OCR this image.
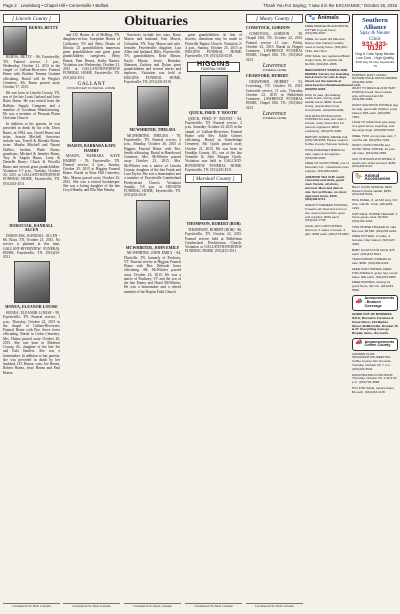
Page 2 Lewisburg • Chapel Hill • Cornersville • Belfast	Thank You For Saying, "I saw it in the EXCHANGE," October 26, 2015
Obituaries
[ Lincoln County ]

BURNS, BETTY

BURNS, BETTY - 86, Fayetteville, TN, Funeral service, 1 p.m., Wednesday, October 21, 2015 in the chapel of Gallant-Riverview Funeral Home with Brother Tommy Graham officiating. Burial will be Wright's Cemetery. Mr. Burns passed away October 17, 2015.

He was born in Lincoln County, TN, son of the late Louis Garland and Josie Bates Burns. He was retired from the Ballistic Supply Company and a member of Goodman Manufacturing. He was a member of Pleasant Plains Christian Church.

In addition to his parents, he was preceded in death by his wife, Doris Burns, in 1984, son, Gerald Burns and sister, Juanita Mitchell. Survivors include son, Terrell & Rhonda Burns; sister, Martha Mitchell and Naomi DuPuis; brother, Wade Burns; grandsons, Michael & Jennifer Burns, Troy & Angela Burns, Larry & Danielle Burns; Chuck & Priscilla Burns and several great grandchildren. Visitation 3-7 p.m., Tuesday, October 20, 2015 at GALLANT-RIVERVIEW FUNERAL HOME, Fayetteville, TN. (931)433-4511.

DOROCIAK, RANDALL ALLEN

DOROCIAK, RANDALL ALLEN - 66, Elora, TN, October 21, 2015. No service is planned at this time. GALLANT-RIVERVIEW FUNERAL HOME, Fayetteville, TN. (931)433-4511.

HONEA, ELEANOR LOUISE

HONEA, ELEANOR LOUISE - 99, Fayetteville, TN. Funeral service, 1 p.m., Thursday, October 22, 2015 in the chapel of Gallant-Riverview Funeral Home with Bro. Steve Jones officiating. Burial in Cedar Cemetery. Mrs. Honea passed away October 20, 2015. She was born in Madison County, AL, daughter of the late Joe and Eula Sanders. She was a homemaker. In addition to her parents, she was preceded in death by her husband, J.D. Honea; sons, Joe Honea, Robert Honea, Jesse Honea and Paul Honea.

Continued On Next Column

and J.D. Honea, Jr. of McBurg, TN, daughters-in-law, Josephine Honea of Coldwater, TN and Betty Honea of Illinois; 23 grandchildren, numerous great grandchildren and great great grandchildren; caregivers, Betty Honea, Pam Honea, Kathy Barnes. Visitation was Wednesday, October 21, 2015 at GALLANT-RIVERVIEW FUNERAL HOME, Fayetteville, TN. (931)433-4511.

GALLANT
RIVERVIEW FUNERAL HOME

MASON, BARBARA KAYE HAMBY

MASON, BARBARA KAYE HAMBY - 76, Fayetteville, TN. Funeral service, 2 p.m., Sunday, October 25, 2015 at Higgins Funeral Home. Burial in Rose Hill Cemetery. Mrs. Mason passed away October 23, 2015. She was a retired bookkeeper. She was a loving daughter of the late Lloyd Hamby and Ella Mae Hamby.

Continued On Next Column

Survivors include her sons, Barry Mason and husband, Ken Morris, Columbia, TN; Tony Mason and wife, Jennifer, Fayetteville; daughter, Lisa Allen and husband, Billy, Fayetteville, TN; grandchildren, Keke Mason, Kayla Mason, Jessie, Brandon, Shannon, Zachary and Dylan; great grandchildren and several nieces and nephews. Visitation was held at HIGGINS FUNERAL HOME, Fayetteville, TN. (931)433-4518.

MCWHIRTER, THELMA

MCWHIRTER, THELMA - 78, Fayetteville, TN. Funeral service, 2 p.m., Monday, October 26, 2015 at Higgins Funeral Home with Rev. Smith officiating. Burial in Hazelwood Cemetery. Mrs. McWhirter passed away October 23, 2015. Mrs. McWhirter was a native of Lincoln County, daughter of the late Frank and Lara Taylor. She was a homemaker and a member of Fayetteville Cumberland Presbyterian Church. Visitation Sunday, 5-8 p.m. at HIGGINS FUNERAL HOME, Fayetteville, TN. (931)433-4518.

MCWHIRTER, JOHN EMILY

MCWHIRTER, JOHN EMILY - 84, Flintville, TN, formerly of Poultney, VT. Funeral service at Higgins Funeral Home with Rev. Deborah Jones officiating. Mr. McWhirter passed away October 23, 2015. He was a native of Poultney, VT and the son of the late Emery and Hazel McWhirter. He was a homemaker and a retired member of the Baptist Faith Church.

Continued On Next Column

great grandchildren. In lieu of flowers, donations may be made to Flintville Baptist Church. Visitation 2-4 p.m., Sunday, October 25, 2015 at HIGGINS FUNERAL HOME, Fayetteville, TN. (931)433-4518.

HIGGINS
FUNERAL HOME

QUICK, FRED 'F 'BOOTH'

QUICK, FRED 'F' 'BOOTH' - 84, Fayetteville, TN. Funeral service, 2 p.m., Saturday, October 24, 2015 in the chapel of Gallant-Riverview Funeral Home with Rev. Eddie Grimes officiating. Burial in Stonebridge Cemetery. Mr. Quick passed away October 21, 2015. He was born in Franklin County, AL, son of the late Vennelle & Julie Morgan Quick. Visitation was held at GALLANT-RIVERVIEW FUNERAL HOME, Fayetteville, TN. (931)433-4511.

[ Marshall County ]

THOMPSON, ROBERT (BOB)

THOMPSON, ROBERT (BOB) - 86, Fayetteville, TN. October 22, 2015. Funeral service held at Bethlehem Cumberland Presbyterian Church. Visitation at GALLANT-RIVERVIEW FUNERAL HOME. (931)433-4511.

Continued On Next Column
[ Maury County ]

COMSTOCK, GORDON

COMSTOCK, GORDON - 90, Chapel Hill, TN. October 22, 2015. Funeral service 11 a.m., Friday, October 23, 2015. Burial in Hopper Cemetery. LAWRENCE FUNERAL HOME, Chapel Hill, TN. (931)364-2231.

Lawrence
FUNERAL HOME

CRAWFORD, HUBERT

CRAWFORD, HUBERT - 91, Lewisburg, TN. October 19, 2015. Graveside service, 11 a.m., Thursday, October 22, 2015 in Bethlehem Cemetery. LAWRENCE FUNERAL HOME, Chapel Hill, TN. (931)364-2231.

Lawrence
FUNERAL HOME
Continued On Next Column
🐾 Animals

FREE FEMALE BLACK/WHITE KITTEN to good home. (931)359-3007.

FREE, six week old Siamese kittens, litter trained, healthy, need to loving home. (931)361-7194, after 5pm.

FOR SALE, two registered Black Angus bulls, 18 months old. $1,800. (931)361-2666.

BEECHCROFT STABLE AND KENNEL Carries our boarding bed & home for cats & dogs. Check out the website at www.beechcroftstableandkennel.com. (931)857-9981.

DOG for sale, girl-walking, totally broke, loving, great saddle horse, $800. Needs loving, responsible home. Cornersville. (931)293-2900.

OLD ENGLISH BULLDOG PUPPIES for sale, two male 1 female, ready November 1st, parents registered. $800. Lewisburg. (931)270-4406.

REPORT ANIMAL ABUSE Call (931)728-9355. Please support Coffee County Humane Society.

HAVE PARAKEET BIRDS for sale, cages & all supplies. (931)698-2993.

FREE TO GOOD HOME, mix of Mountain Cur - Catahoula cross puppies. (931)259-6429.

JABAPOO TEA CUP, small, chocolate and white, great med. friends, all shots, wormed. Mom and dad on site. Vet certificate, no shed, approved home, $100. (931)492-6711.

GREAT PYRENEES PUPPIES, 5 weeks old. Dad and mom on site, wormed and shots, gear and supplies. $150 each. (931)224-7705.

SALE: AKC LAB PUPPIES, Wormed. 2 males in house, 2 girls. $300 each. (931)773-0301.

Southern Alliance
Spay & Neuter Clinic
931-433-0120
Dog & Cats Spay Neuter
Low Cost - High Quality
4000 Hwy 64 Hwy Fayetteville TN

PUPPIES: EASY GOING NATURE MALE TEXAS FERRIE. (931)452-2200.

WANT TO RESCUE AND TEST PURPLE breed. Grey mature wise with wood and 4ft. (931)389-1066.

WANT: MALTIPOO POODLE dog for sale, good with children, potty trained, $25 each. (931)359-7843.

LOVE TO GIVE Must give away to a good home, boarding, and two large dogs. (931)638-5010.

FREE, TWO young male cats, 7 months old. (931)561-7033.

WANT, COON HOUND and GOOD TRAIL HORSE, 12 year old mare. (931)434-3999.

AKC CHIHUAHUA PUPPIES, 8 weeks old, shots wormed. $150. (931)433-9121.

🐎 Animal Accessories

BILLY COOK SADDLE, $100. Western brand saddle, $350. (931)433-5044.

HOG PANEL, 6, all 16ft long, 3/4 wire. Call Mr. Cook. (931)433-1294.

FOR SALE: HORSE TRAILER, 2 horse goose neck, $2,500. (931)433-1294.

TWO HORSE TRAILER for sale, like new, $3,500. (931)205-2244.

FREE KITTENS, 2 males, 3 females, litter trained. (931)227-4033.

BABY GOATS FOR SALE, $75 each. (931)433-5044.

TEAM ROPING STEERS for sale, $850. (931)484-6322.

FEED FOR HORSES, FEED FOR ANIMALS, grass hay, round bales. $40 each. (931)703-6655.

FREE PUPPIES, looking for good home, lab mix. (931)224-5528.

📣
Announcements - Booked Coverage

GOING OUT OF BUSINESS SALE, Bennett's Furniture & Home Décor, 103 Market Street, McMinnville, October 26 & 27. Everything must go. Display items, discounts.

📣 Announcements Coffee County

GARDEN CLUB ORGANIZATION MEETING, Coffee County Fair Grounds, Tuesday, October 29, 7 p.m. (931)224-5544.

MANCHESTER FOOD BANK, Thursday, October 29, 1:30-3:30 p.m. (931)723-4566.

HAY FOR SALE, square bales, $4 each. (931)433-1130.
